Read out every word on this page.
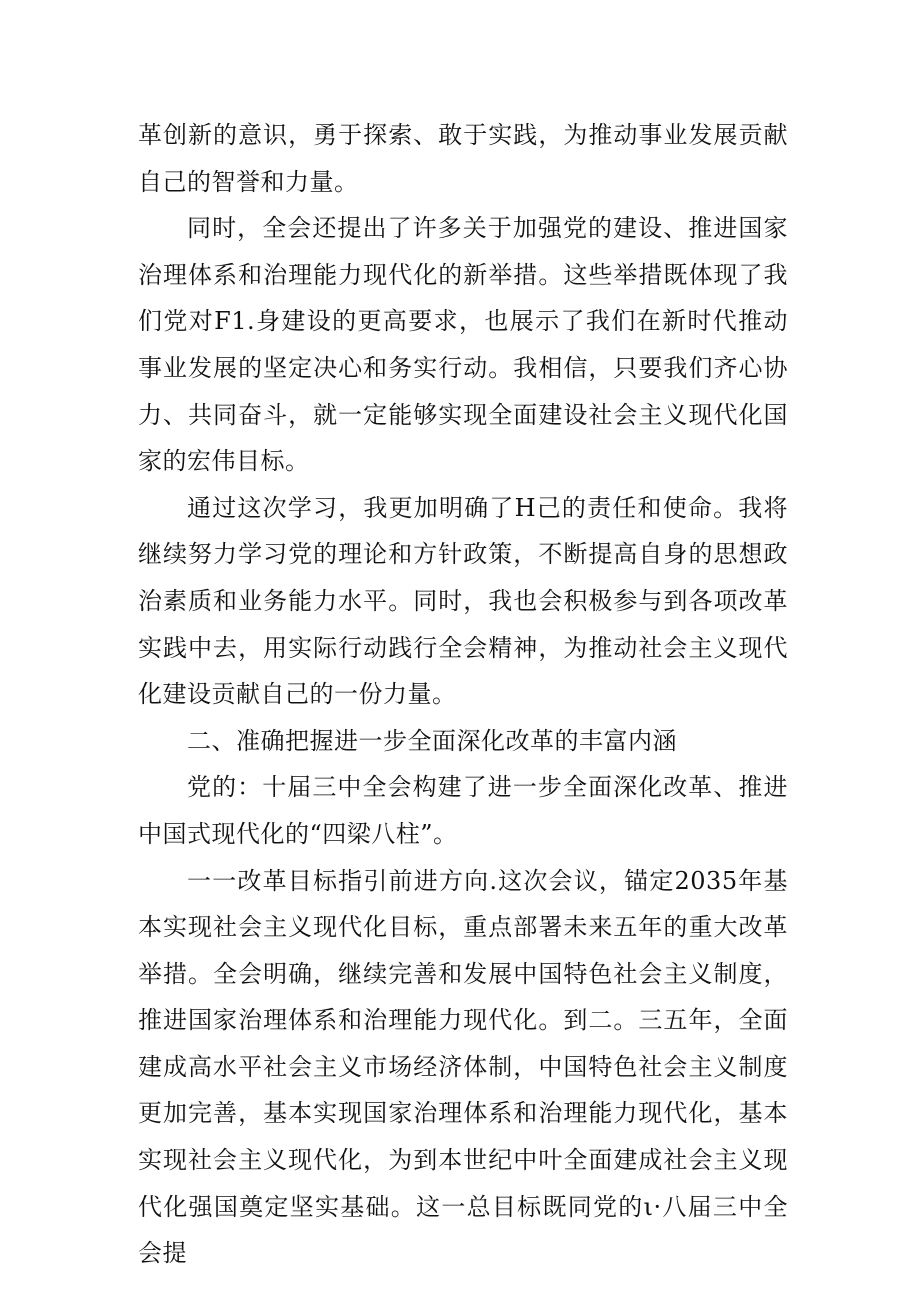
革创新的意识，勇于探索、敢于实践，为推动事业发展贡献自己的智誉和力量。

同时，全会还提出了许多关于加强党的建设、推进国家治理体系和治理能力现代化的新举措。这些举措既体现了我们党对F1.身建设的更高要求，也展示了我们在新时代推动事业发展的坚定决心和务实行动。我相信，只要我们齐心协力、共同奋斗，就一定能够实现全面建设社会主义现代化国家的宏伟目标。

通过这次学习，我更加明确了H己的责任和使命。我将继续努力学习党的理论和方针政策，不断提高自身的思想政治素质和业务能力水平。同时，我也会积极参与到各项改革实践中去，用实际行动践行全会精神，为推动社会主义现代化建设贡献自己的一份力量。

二、准确把握进一步全面深化改革的丰富内涵

党的：十届三中全会构建了进一步全面深化改革、推进中国式现代化的“四梁八柱”。

一一改革目标指引前进方向.这次会议，锚定2035年基本实现社会主义现代化目标，重点部署未来五年的重大改革举措。全会明确，继续完善和发展中国特色社会主义制度，推进国家治理体系和治理能力现代化。到二。三五年，全面建成高水平社会主义市场经济体制，中国特色社会主义制度更加完善，基本实现国家治理体系和治理能力现代化，基本实现社会主义现代化，为到本世纪中叶全面建成社会主义现代化强国奠定坚实基础。这一总目标既同党的ι·八届三中全会提
